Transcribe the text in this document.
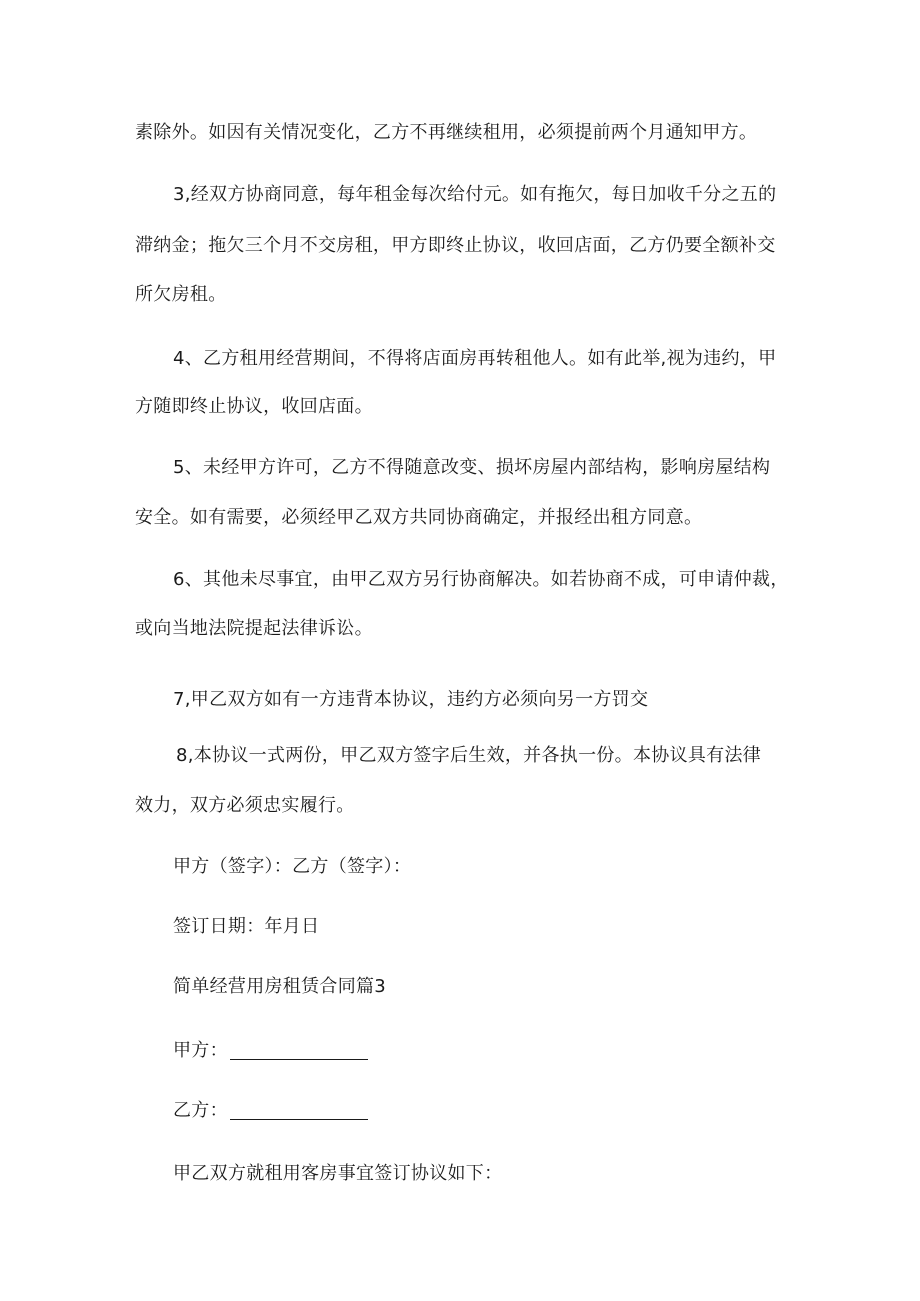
素除外。如因有关情况变化，乙方不再继续租用，必须提前两个月通知甲方。

3,经双方协商同意，每年租金每次给付元。如有拖欠，每日加收千分之五的

滞纳金；拖欠三个月不交房租，甲方即终止协议，收回店面，乙方仍要全额补交

所欠房租。

4、乙方租用经营期间，不得将店面房再转租他人。如有此举,视为违约，甲

方随即终止协议，收回店面。

5、未经甲方许可，乙方不得随意改变、损坏房屋内部结构，影响房屋结构

安全。如有需要，必须经甲乙双方共同协商确定，并报经出租方同意。

6、其他未尽事宜，由甲乙双方另行协商解决。如若协商不成，可申请仲裁，

或向当地法院提起法律诉讼。

7,甲乙双方如有一方违背本协议，违约方必须向另一方罚交

8,本协议一式两份，甲乙双方签字后生效，并各执一份。本协议具有法律

效力，双方必须忠实履行。

甲方（签字）：乙方（签字）：

签订日期：年月日

简单经营用房租赁合同篇3

甲方：

乙方：

甲乙双方就租用客房事宜签订协议如下：
